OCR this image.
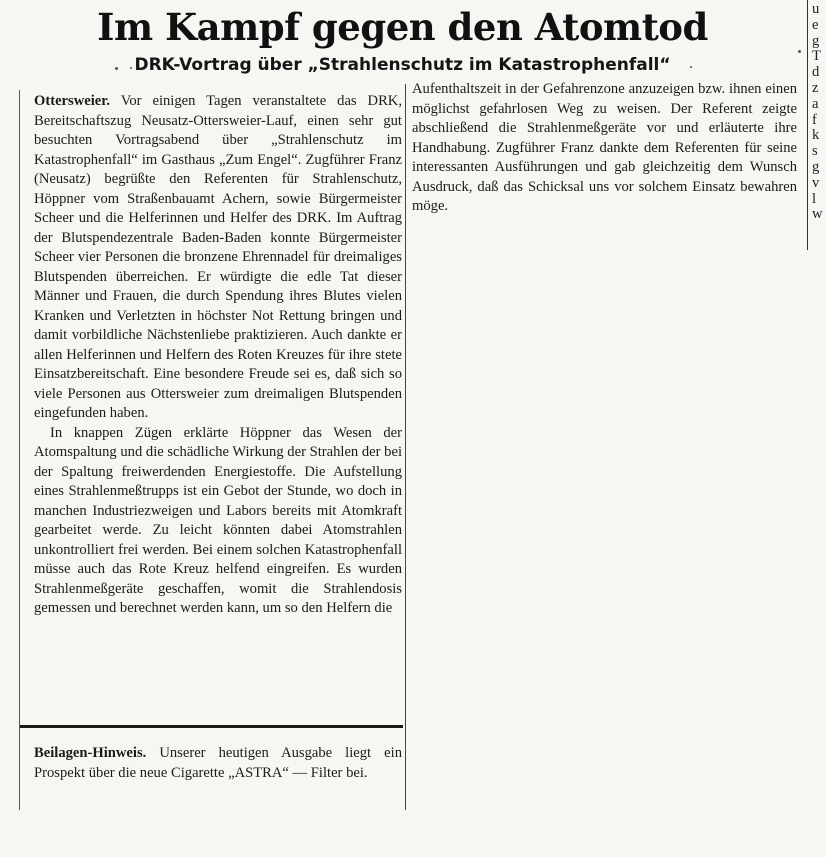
Im Kampf gegen den Atomtod
DRK-Vortrag über „Strahlenschutz im Katastrophenfall“

Ottersweier. Vor einigen Tagen veranstaltete das DRK, Bereitschaftszug Neusatz-Ottersweier-Lauf, einen sehr gut besuchten Vortragsabend über „Strahlenschutz im Katastrophenfall“ im Gasthaus „Zum Engel“. Zugführer Franz (Neusatz) begrüßte den Referenten für Strahlenschutz, Höppner vom Straßenbauamt Achern, sowie Bürgermeister Scheer und die Helferinnen und Helfer des DRK. Im Auftrag der Blutspendezentrale Baden-Baden konnte Bürgermeister Scheer vier Personen die bronzene Ehrennadel für dreimaliges Blutspenden überreichen. Er würdigte die edle Tat dieser Männer und Frauen, die durch Spendung ihres Blutes vielen Kranken und Verletzten in höchster Not Rettung bringen und damit vorbildliche Nächstenliebe praktizieren. Auch dankte er allen Helferinnen und Helfern des Roten Kreuzes für ihre stete Einsatzbereitschaft. Eine besondere Freude sei es, daß sich so viele Personen aus Ottersweier zum dreimaligen Blutspenden eingefunden haben.

In knappen Zügen erklärte Höppner das Wesen der Atomspaltung und die schädliche Wirkung der Strahlen der bei der Spaltung freiwerdenden Energiestoffe. Die Aufstellung eines Strahlenmeßtrupps ist ein Gebot der Stunde, wo doch in manchen Industriezweigen und Labors bereits mit Atomkraft gearbeitet werde. Zu leicht könnten dabei Atomstrahlen unkontrolliert frei werden. Bei einem solchen Katastrophenfall müsse auch das Rote Kreuz helfend eingreifen. Es wurden Strahlenmeßgeräte geschaffen, womit die Strahlendosis gemessen und berechnet werden kann, um so den Helfern die

Aufenthaltszeit in der Gefahrenzone anzuzeigen bzw. ihnen einen möglichst gefahrlosen Weg zu weisen. Der Referent zeigte abschließend die Strahlenmeßgeräte vor und erläuterte ihre Handhabung. Zugführer Franz dankte dem Referenten für seine interessanten Ausführungen und gab gleichzeitig dem Wunsch Ausdruck, daß das Schicksal uns vor solchem Einsatz bewahren möge.

Beilagen-Hinweis. Unserer heutigen Ausgabe liegt ein Prospekt über die neue Cigarette „ASTRA“ — Filter bei.
u
e
g
T
d
z
a
f
k
s
g
v
l
w
